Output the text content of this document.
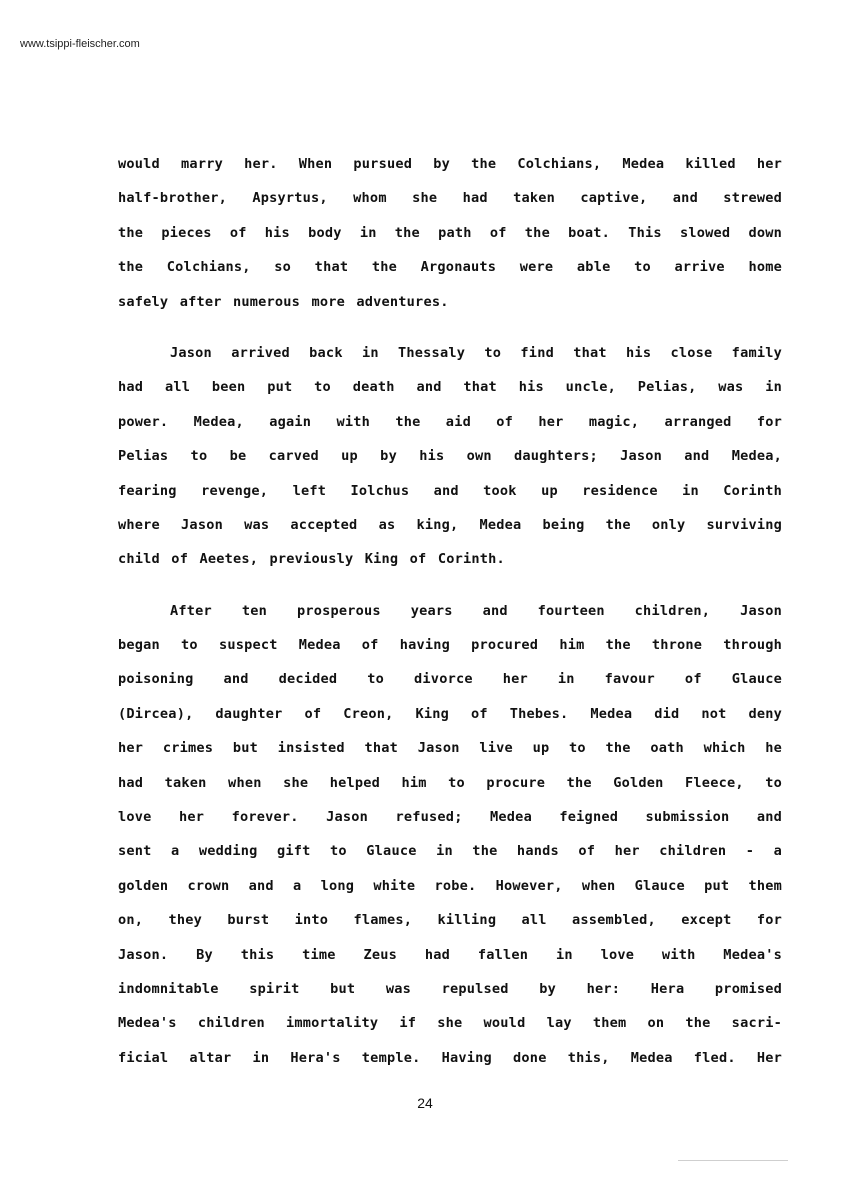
www.tsippi-fleischer.com
would marry her. When pursued by the Colchians, Medea killed her
half-brother, Apsyrtus, whom she had taken captive, and strewed
the pieces of his body in the path of the boat. This slowed down
the Colchians, so that the Argonauts were able to arrive home
safely after numerous more adventures.
Jason arrived back in Thessaly to find that his close family
had all been put to death and that his uncle, Pelias, was in
power. Medea, again with the aid of her magic, arranged for
Pelias to be carved up by his own daughters; Jason and Medea,
fearing revenge, left Iolchus and took up residence in Corinth
where Jason was accepted as king, Medea being the only surviving
child of Aeetes, previously King of Corinth.
After ten prosperous years and fourteen children, Jason
began to suspect Medea of having procured him the throne through
poisoning and decided to divorce her in favour of Glauce
(Dircea), daughter of Creon, King of Thebes. Medea did not deny
her crimes but insisted that Jason live up to the oath which he
had taken when she helped him to procure the Golden Fleece, to
love her forever. Jason refused; Medea feigned submission and
sent a wedding gift to Glauce in the hands of her children - a
golden crown and a long white robe. However, when Glauce put them
on, they burst into flames, killing all assembled, except for
Jason. By this time Zeus had fallen in love with Medea's
indomnitable spirit but was repulsed by her: Hera promised
Medea's children immortality if she would lay them on the sacri-
ficial altar in Hera's temple. Having done this, Medea fled. Her
24
